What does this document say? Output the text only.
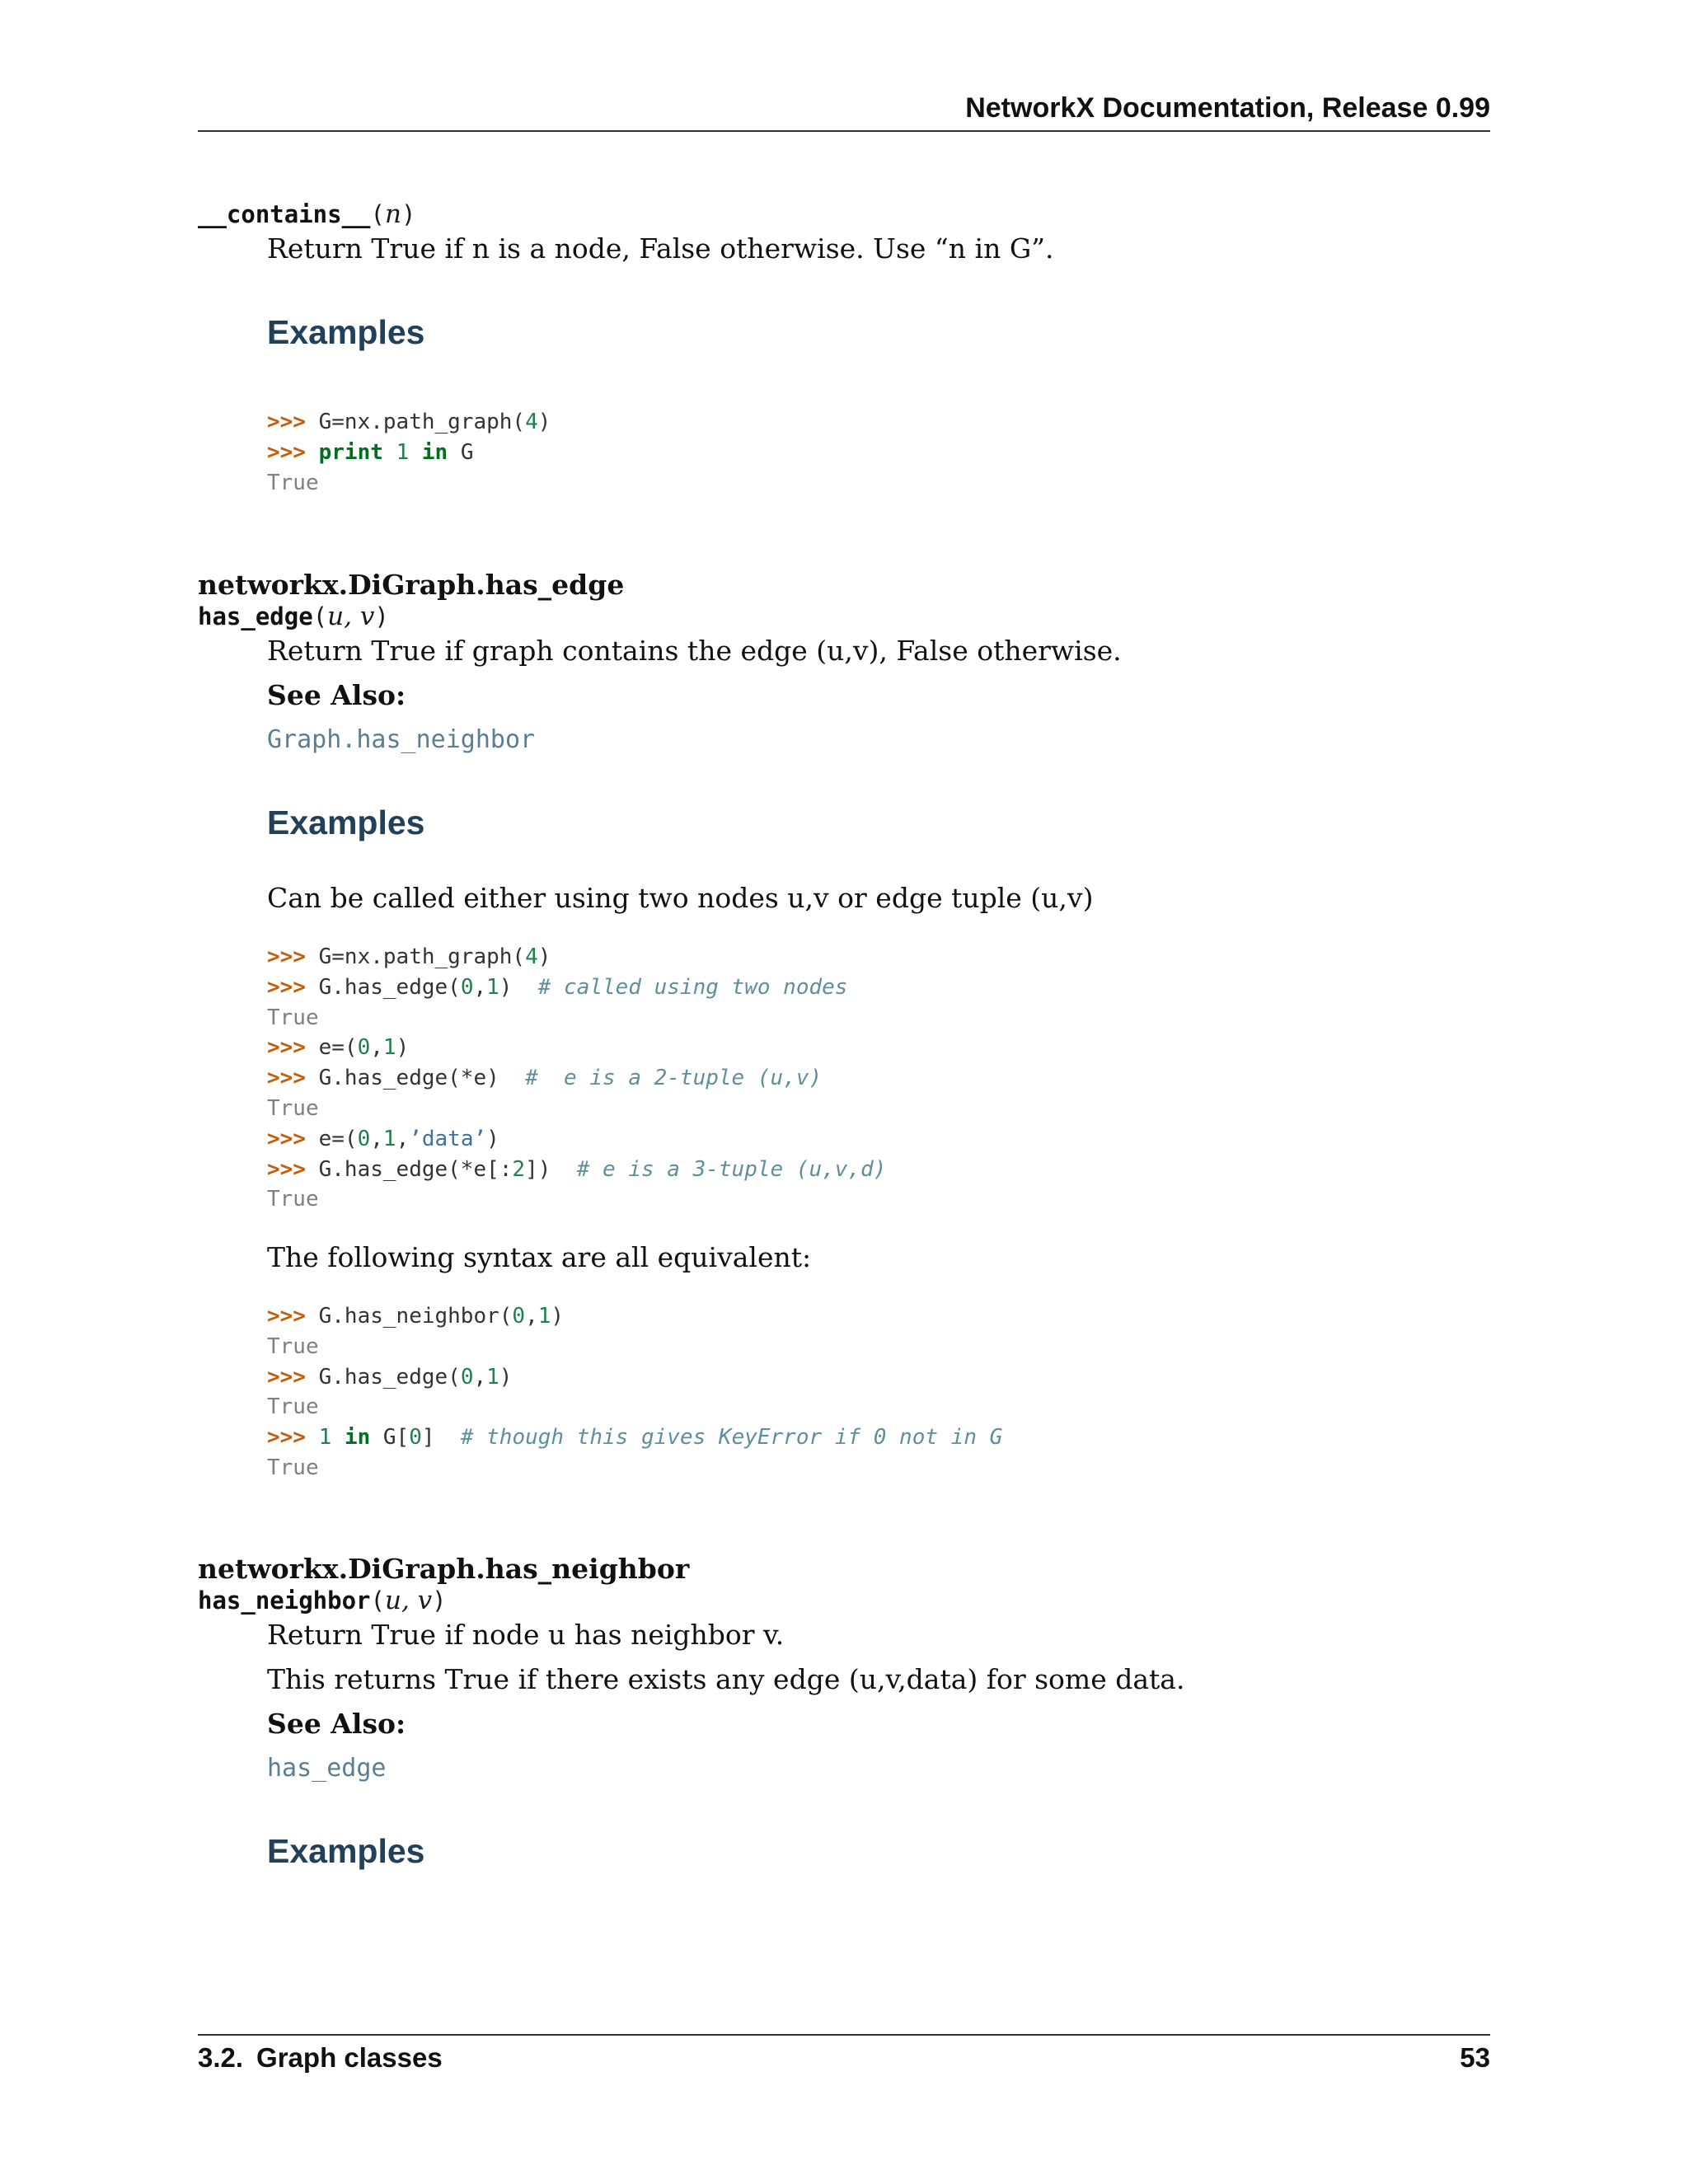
NetworkX Documentation, Release 0.99
__contains__(n)
Return True if n is a node, False otherwise. Use “n in G”.
Examples
>>> G=nx.path_graph(4)
>>> print 1 in G
True
networkx.DiGraph.has_edge
has_edge(u, v)
Return True if graph contains the edge (u,v), False otherwise.
See Also:
Graph.has_neighbor
Examples
Can be called either using two nodes u,v or edge tuple (u,v)
>>> G=nx.path_graph(4)
>>> G.has_edge(0,1) # called using two nodes
True
>>> e=(0,1)
>>> G.has_edge(*e) #  e is a 2-tuple (u,v)
True
>>> e=(0,1,’data’)
>>> G.has_edge(*e[:2]) # e is a 3-tuple (u,v,d)
True
The following syntax are all equivalent:
>>> G.has_neighbor(0,1)
True
>>> G.has_edge(0,1)
True
>>> 1 in G[0] # though this gives KeyError if 0 not in G
True
networkx.DiGraph.has_neighbor
has_neighbor(u, v)
Return True if node u has neighbor v.
This returns True if there exists any edge (u,v,data) for some data.
See Also:
has_edge
Examples
3.2. Graph classes	53
